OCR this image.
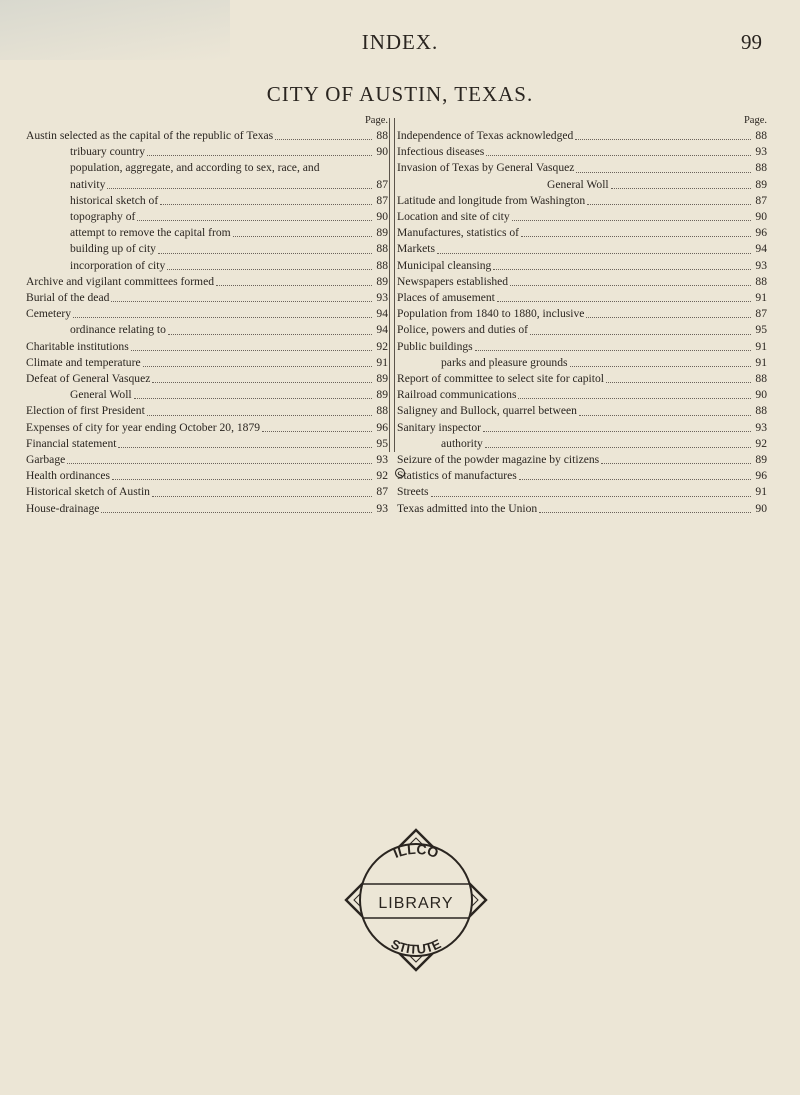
INDEX.	99
CITY OF AUSTIN, TEXAS.
Page.
Austin selected as the capital of the republic of Texas	88
tribuary country	90
population, aggregate, and according to sex, race, and
nativity	87
historical sketch of	87
topography of	90
attempt to remove the capital from	89
building up of city	88
incorporation of city	88
Archive and vigilant committees formed	89
Burial of the dead	93
Cemetery	94
ordinance relating to	94
Charitable institutions	92
Climate and temperature	91
Defeat of General Vasquez	89
General Woll	89
Election of first President	88
Expenses of city for year ending October 20, 1879	96
Financial statement	95
Garbage	93
Health ordinances	92
Historical sketch of Austin	87
House-drainage	93
Page.
Independence of Texas acknowledged	88
Infectious diseases	93
Invasion of Texas by General Vasquez	88
General Woll	89
Latitude and longitude from Washington	87
Location and site of city	90
Manufactures, statistics of	96
Markets	94
Municipal cleansing	93
Newspapers established	88
Places of amusement	91
Population from 1840 to 1880, inclusive	87
Police, powers and duties of	95
Public buildings	91
parks and pleasure grounds	91
Report of committee to select site for capitol	88
Railroad communications	90
Saligney and Bullock, quarrel between	88
Sanitary inspector	93
authority	92
Seizure of the powder magazine by citizens	89
Statistics of manufactures	96
Streets	91
Texas admitted into the Union	90
ILLCO
LIBRARY
STITUTE
